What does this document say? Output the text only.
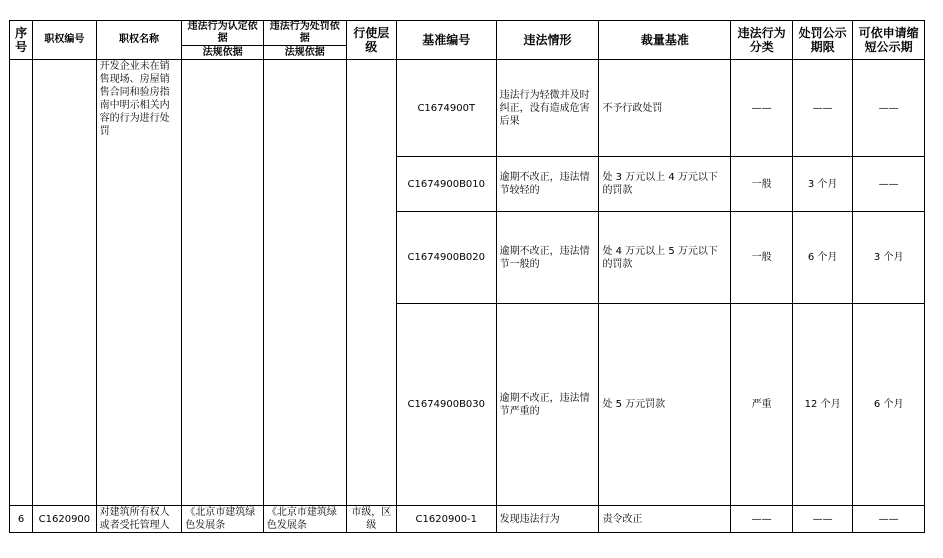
序号	职权编号	职权名称	违法行为认定依据	违法行为处罚依据	行使层级	基准编号	违法情形	裁量基准	违法行为分类	处罚公示期限	可依申请缩短公示期
			法规依据	法规依据							
		开发企业未在销售现场、房屋销售合同和验房指南中明示相关内容的行为进行处罚				C1674900T	违法行为轻微并及时纠正，没有造成危害后果	不予行政处罚	——	——	——
						C1674900B010	逾期不改正，违法情节较轻的	处 3 万元以上 4 万元以下的罚款	一般	3 个月	——
						C1674900B020	逾期不改正，违法情节一般的	处 4 万元以上 5 万元以下的罚款	一般	6 个月	3 个月
						C1674900B030	逾期不改正，违法情节严重的	处 5 万元罚款	严重	12 个月	6 个月
6	C1620900	对建筑所有权人或者受托管理人	《北京市建筑绿色发展条	《北京市建筑绿色发展条	市级，区级	C1620900-1	发现违法行为	责令改正	——	——	——
